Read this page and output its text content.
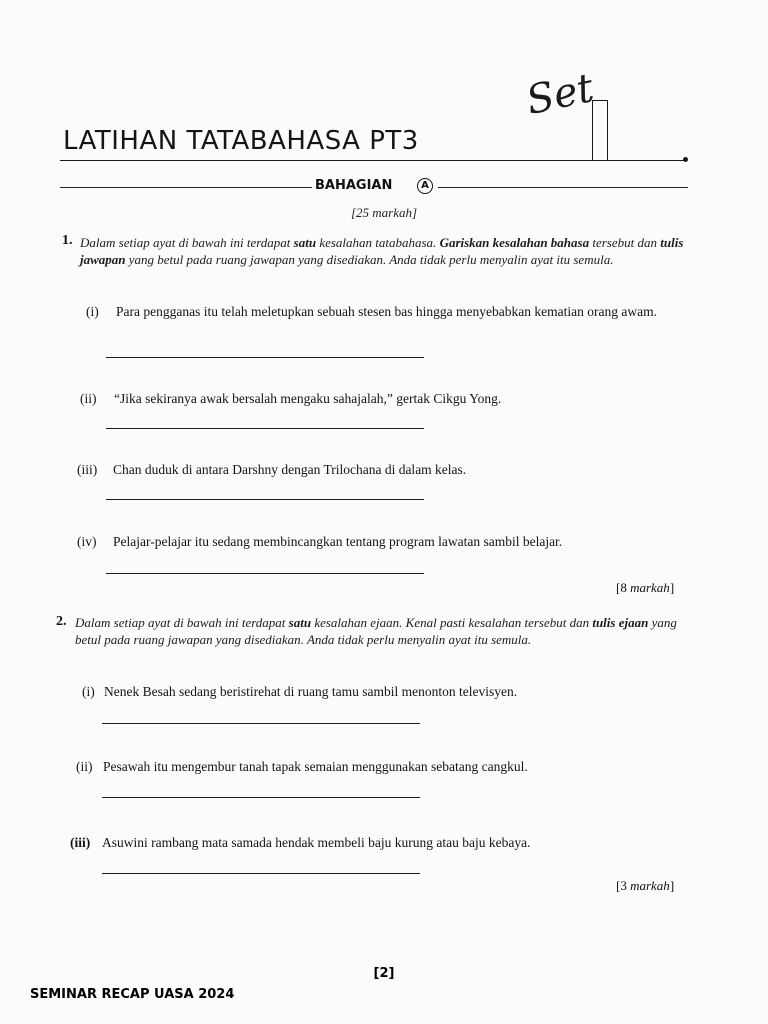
LATIHAN TATABAHASA PT3
Set
BAHAGIAN	A
[25 markah]
1. Dalam setiap ayat di bawah ini terdapat satu kesalahan tatabahasa. Gariskan kesalahan bahasa tersebut dan tulis jawapan yang betul pada ruang jawapan yang disediakan. Anda tidak perlu menyalin ayat itu semula.
(i) Para pengganas itu telah meletupkan sebuah stesen bas hingga menyebabkan kematian orang awam.
(ii) “Jika sekiranya awak bersalah mengaku sahajalah,” gertak Cikgu Yong.
(iii) Chan duduk di antara Darshny dengan Trilochana di dalam kelas.
(iv) Pelajar-pelajar itu sedang membincangkan tentang program lawatan sambil belajar.
[8 markah]
2. Dalam setiap ayat di bawah ini terdapat satu kesalahan ejaan. Kenal pasti kesalahan tersebut dan tulis ejaan yang betul pada ruang jawapan yang disediakan. Anda tidak perlu menyalin ayat itu semula.
(i) Nenek Besah sedang beristirehat di ruang tamu sambil menonton televisyen.
(ii) Pesawah itu mengembur tanah tapak semaian menggunakan sebatang cangkul.
(iii) Asuwini rambang mata samada hendak membeli baju kurung atau baju kebaya.
[3 markah]
[2]
SEMINAR RECAP UASA 2024
